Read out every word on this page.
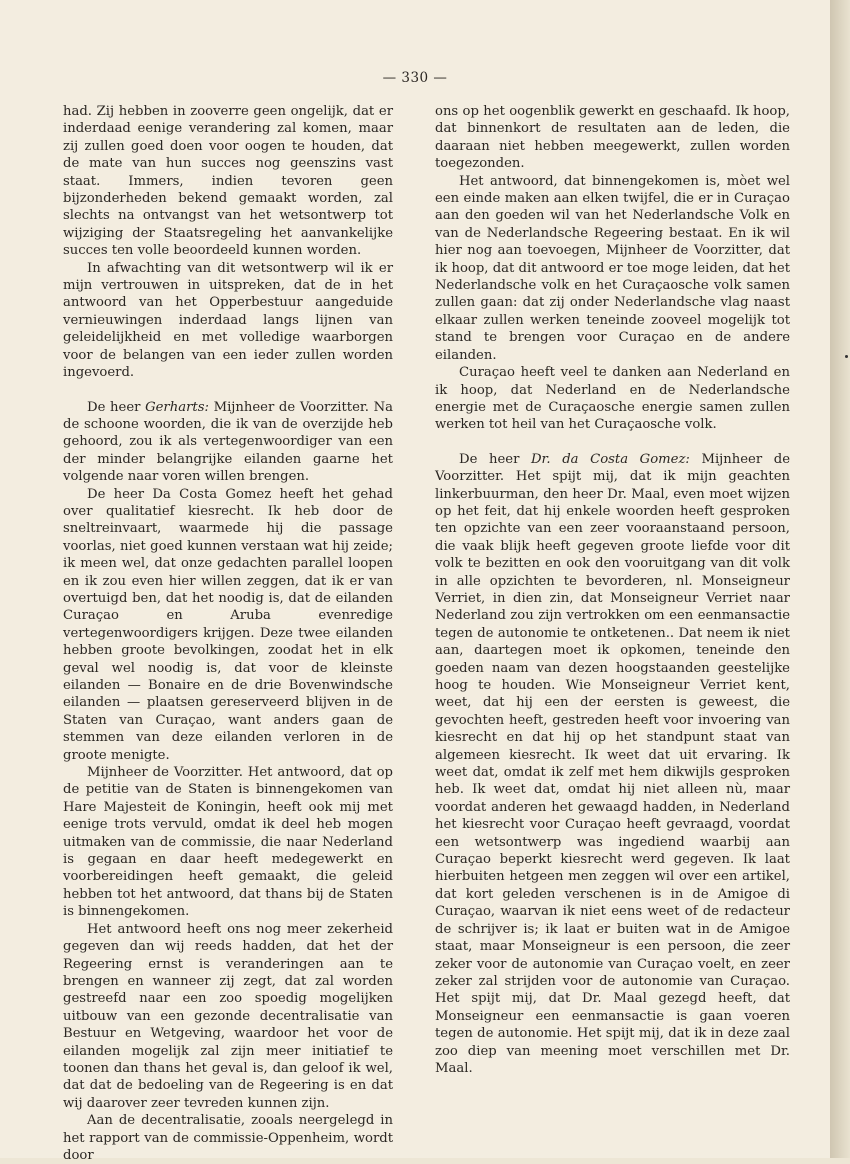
— 330 —

had. Zij hebben in zooverre geen ongelijk, dat er inderdaad eenige verandering zal komen, maar zij zullen goed doen voor oogen te houden, dat de mate van hun succes nog geenszins vast staat. Immers, indien tevoren geen bijzonderheden bekend gemaakt worden, zal slechts na ontvangst van het wetsontwerp tot wijziging der Staatsregeling het aanvankelijke succes ten volle beoordeeld kunnen worden.

In afwachting van dit wetsontwerp wil ik er mijn vertrouwen in uitspreken, dat de in het antwoord van het Opperbestuur aangeduide vernieuwingen inderdaad langs lijnen van geleidelijkheid en met volledige waarborgen voor de belangen van een ieder zullen worden ingevoerd.

De heer Gerharts: Mijnheer de Voorzitter. Na de schoone woorden, die ik van de overzijde heb gehoord, zou ik als vertegenwoordiger van een der minder belangrijke eilanden gaarne het volgende naar voren willen brengen.

De heer Da Costa Gomez heeft het gehad over qualitatief kiesrecht. Ik heb door de sneltreinvaart, waarmede hij die passage voorlas, niet goed kunnen verstaan wat hij zeide; ik meen wel, dat onze gedachten parallel loopen en ik zou even hier willen zeggen, dat ik er van overtuigd ben, dat het noodig is, dat de eilanden Curaçao en Aruba evenredige vertegenwoordigers krijgen. Deze twee eilanden hebben groote bevolkingen, zoodat het in elk geval wel noodig is, dat voor de kleinste eilanden — Bonaire en de drie Bovenwindsche eilanden — plaatsen gereserveerd blijven in de Staten van Curaçao, want anders gaan de stemmen van deze eilanden verloren in de groote menigte.

Mijnheer de Voorzitter. Het antwoord, dat op de petitie van de Staten is binnengekomen van Hare Majesteit de Koningin, heeft ook mij met eenige trots vervuld, omdat ik deel heb mogen uitmaken van de commissie, die naar Nederland is gegaan en daar heeft medegewerkt en voorbereidingen heeft gemaakt, die geleid hebben tot het antwoord, dat thans bij de Staten is binnengekomen.

Het antwoord heeft ons nog meer zekerheid gegeven dan wij reeds hadden, dat het der Regeering ernst is veranderingen aan te brengen en wanneer zij zegt, dat zal worden gestreefd naar een zoo spoedig mogelijken uitbouw van een gezonde decentralisatie van Bestuur en Wetgeving, waardoor het voor de eilanden mogelijk zal zijn meer initiatief te toonen dan thans het geval is, dan geloof ik wel, dat dat de bedoeling van de Regeering is en dat wij daarover zeer tevreden kunnen zijn.

Aan de decentralisatie, zooals neergelegd in het rapport van de commissie-Oppenheim, wordt door

ons op het oogenblik gewerkt en geschaafd. Ik hoop, dat binnenkort de resultaten aan de leden, die daaraan niet hebben meegewerkt, zullen worden toegezonden.

Het antwoord, dat binnengekomen is, mòet wel een einde maken aan elken twijfel, die er in Curaçao aan den goeden wil van het Nederlandsche Volk en van de Nederlandsche Regeering bestaat. En ik wil hier nog aan toevoegen, Mijnheer de Voorzitter, dat ik hoop, dat dit antwoord er toe moge leiden, dat het Nederlandsche volk en het Curaçaosche volk samen zullen gaan: dat zij onder Nederlandsche vlag naast elkaar zullen werken teneinde zooveel mogelijk tot stand te brengen voor Curaçao en de andere eilanden.

Curaçao heeft veel te danken aan Nederland en ik hoop, dat Nederland en de Nederlandsche energie met de Curaçaosche energie samen zullen werken tot heil van het Curaçaosche volk.

De heer Dr. da Costa Gomez: Mijnheer de Voorzitter. Het spijt mij, dat ik mijn geachten linkerbuurman, den heer Dr. Maal, even moet wijzen op het feit, dat hij enkele woorden heeft gesproken ten opzichte van een zeer vooraanstaand persoon, die vaak blijk heeft gegeven groote liefde voor dit volk te bezitten en ook den vooruitgang van dit volk in alle opzichten te bevorderen, nl. Monseigneur Verriet, in dien zin, dat Monseigneur Verriet naar Nederland zou zijn vertrokken om een eenmansactie tegen de autonomie te ontketenen.. Dat neem ik niet aan, daartegen moet ik opkomen, teneinde den goeden naam van dezen hoogstaanden geestelijke hoog te houden. Wie Monseigneur Verriet kent, weet, dat hij een der eersten is geweest, die gevochten heeft, gestreden heeft voor invoering van kiesrecht en dat hij op het standpunt staat van algemeen kiesrecht. Ik weet dat uit ervaring. Ik weet dat, omdat ik zelf met hem dikwijls gesproken heb. Ik weet dat, omdat hij niet alleen nù, maar voordat anderen het gewaagd hadden, in Nederland het kiesrecht voor Curaçao heeft gevraagd, voordat een wetsontwerp was ingediend waarbij aan Curaçao beperkt kiesrecht werd gegeven. Ik laat hierbuiten hetgeen men zeggen wil over een artikel, dat kort geleden verschenen is in de Amigoe di Curaçao, waarvan ik niet eens weet of de redacteur de schrijver is; ik laat er buiten wat in de Amigoe staat, maar Monseigneur is een persoon, die zeer zeker voor de autonomie van Curaçao voelt, en zeer zeker zal strijden voor de autonomie van Curaçao. Het spijt mij, dat Dr. Maal gezegd heeft, dat Monseigneur een eenmansactie is gaan voeren tegen de autonomie. Het spijt mij, dat ik in deze zaal zoo diep van meening moet verschillen met Dr. Maal.
